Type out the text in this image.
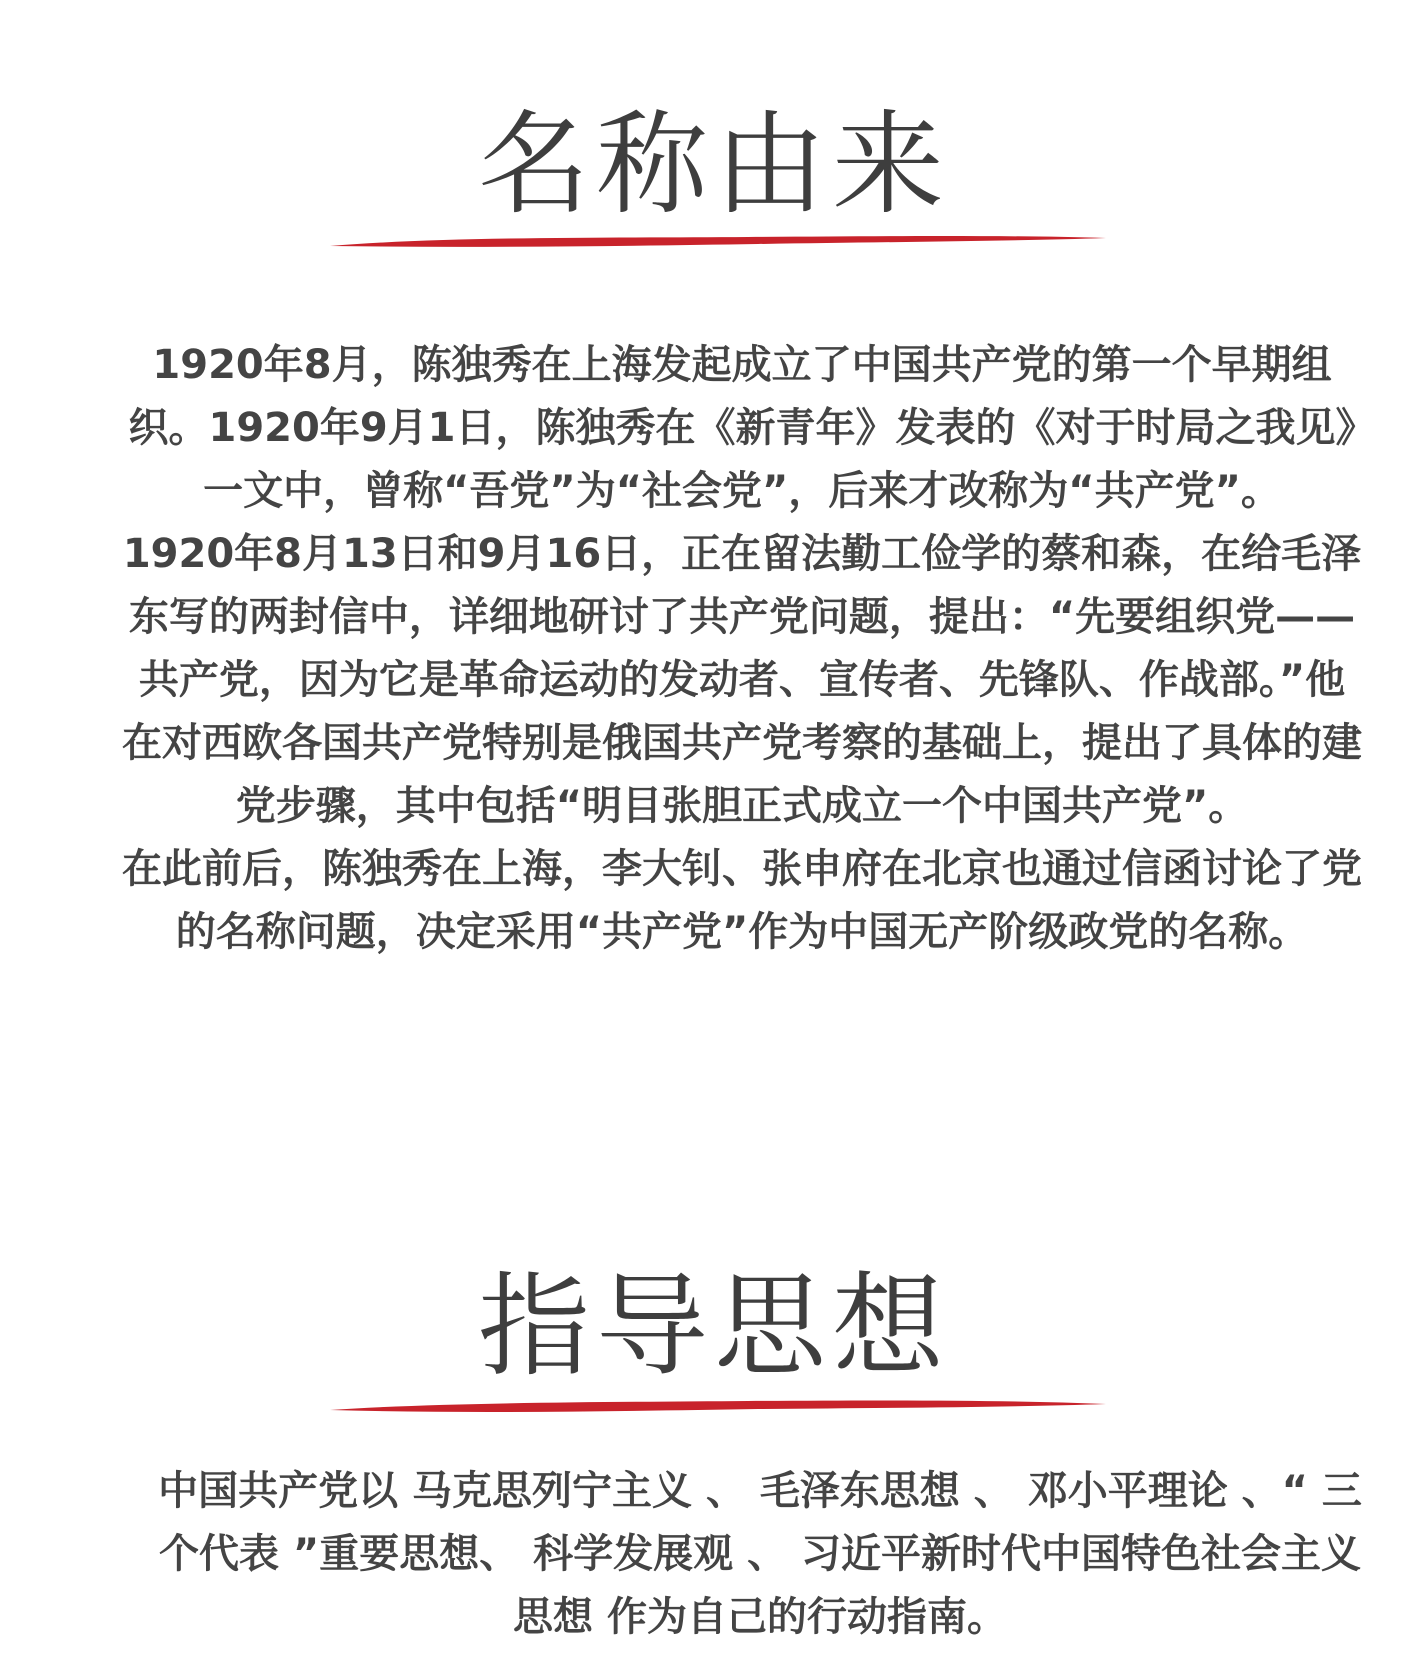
名称由来

1920年8月，陈独秀在上海发起成立了中国共产党的第一个早期组织。1920年9月1日，陈独秀在《新青年》发表的《对于时局之我见》一文中，曾称“吾党”为“社会党”，后来才改称为“共产党”。

1920年8月13日和9月16日，正在留法勤工俭学的蔡和森，在给毛泽东写的两封信中，详细地研讨了共产党问题，提出：“先要组织党——共产党，因为它是革命运动的发动者、宣传者、先锋队、作战部。”他在对西欧各国共产党特别是俄国共产党考察的基础上，提出了具体的建党步骤，其中包括“明目张胆正式成立一个中国共产党”。

在此前后，陈独秀在上海，李大钊、张申府在北京也通过信函讨论了党的名称问题，决定采用“共产党”作为中国无产阶级政党的名称。

指导思想

中国共产党以 马克思列宁主义 、 毛泽东思想 、 邓小平理论 、“ 三个代表 ”重要思想、 科学发展观 、 习近平新时代中国特色社会主义思想 作为自己的行动指南。
